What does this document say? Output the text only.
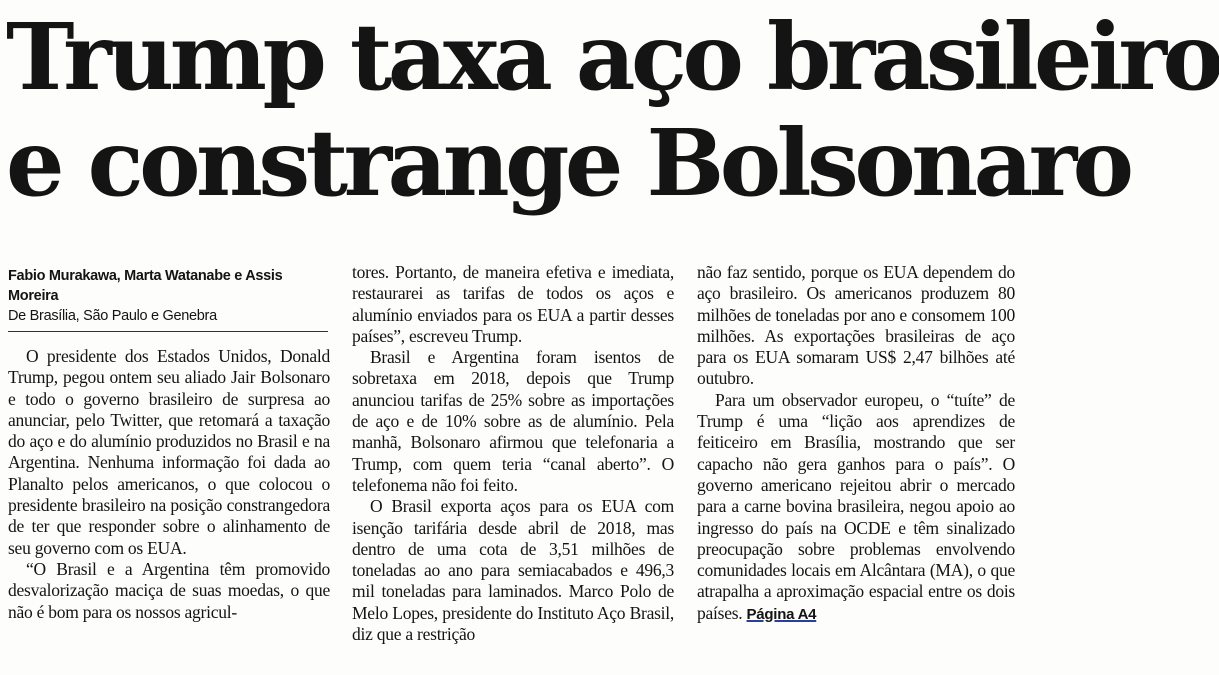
Trump taxa aço brasileiro
e constrange Bolsonaro
Fabio Murakawa, Marta Watanabe e Assis Moreira
De Brasília, São Paulo e Genebra

O presidente dos Estados Unidos, Donald Trump, pegou ontem seu aliado Jair Bolsonaro e todo o governo brasileiro de surpresa ao anunciar, pelo Twitter, que retomará a taxação do aço e do alumínio produzidos no Brasil e na Argentina. Nenhuma informação foi dada ao Planalto pelos americanos, o que colocou o presidente brasileiro na posição constrangedora de ter que responder sobre o alinhamento de seu governo com os EUA.

“O Brasil e a Argentina têm promovido desvalorização maciça de suas moedas, o que não é bom para os nossos agricul-

tores. Portanto, de maneira efetiva e imediata, restaurarei as tarifas de todos os aços e alumínio enviados para os EUA a partir desses países”, escreveu Trump.

Brasil e Argentina foram isentos de sobretaxa em 2018, depois que Trump anunciou tarifas de 25% sobre as importações de aço e de 10% sobre as de alumínio. Pela manhã, Bolsonaro afirmou que telefonaria a Trump, com quem teria “canal aberto”. O telefonema não foi feito.

O Brasil exporta aços para os EUA com isenção tarifária desde abril de 2018, mas dentro de uma cota de 3,51 milhões de toneladas ao ano para semiacabados e 496,3 mil toneladas para laminados. Marco Polo de Melo Lopes, presidente do Instituto Aço Brasil, diz que a restrição

não faz sentido, porque os EUA dependem do aço brasileiro. Os americanos produzem 80 milhões de toneladas por ano e consomem 100 milhões. As exportações brasileiras de aço para os EUA somaram US$ 2,47 bilhões até outubro.

Para um observador europeu, o “tuíte” de Trump é uma “lição aos aprendizes de feiticeiro em Brasília, mostrando que ser capacho não gera ganhos para o país”. O governo americano rejeitou abrir o mercado para a carne bovina brasileira, negou apoio ao ingresso do país na OCDE e têm sinalizado preocupação sobre problemas envolvendo comunidades locais em Alcântara (MA), o que atrapalha a aproximação espacial entre os dois países. Página A4
